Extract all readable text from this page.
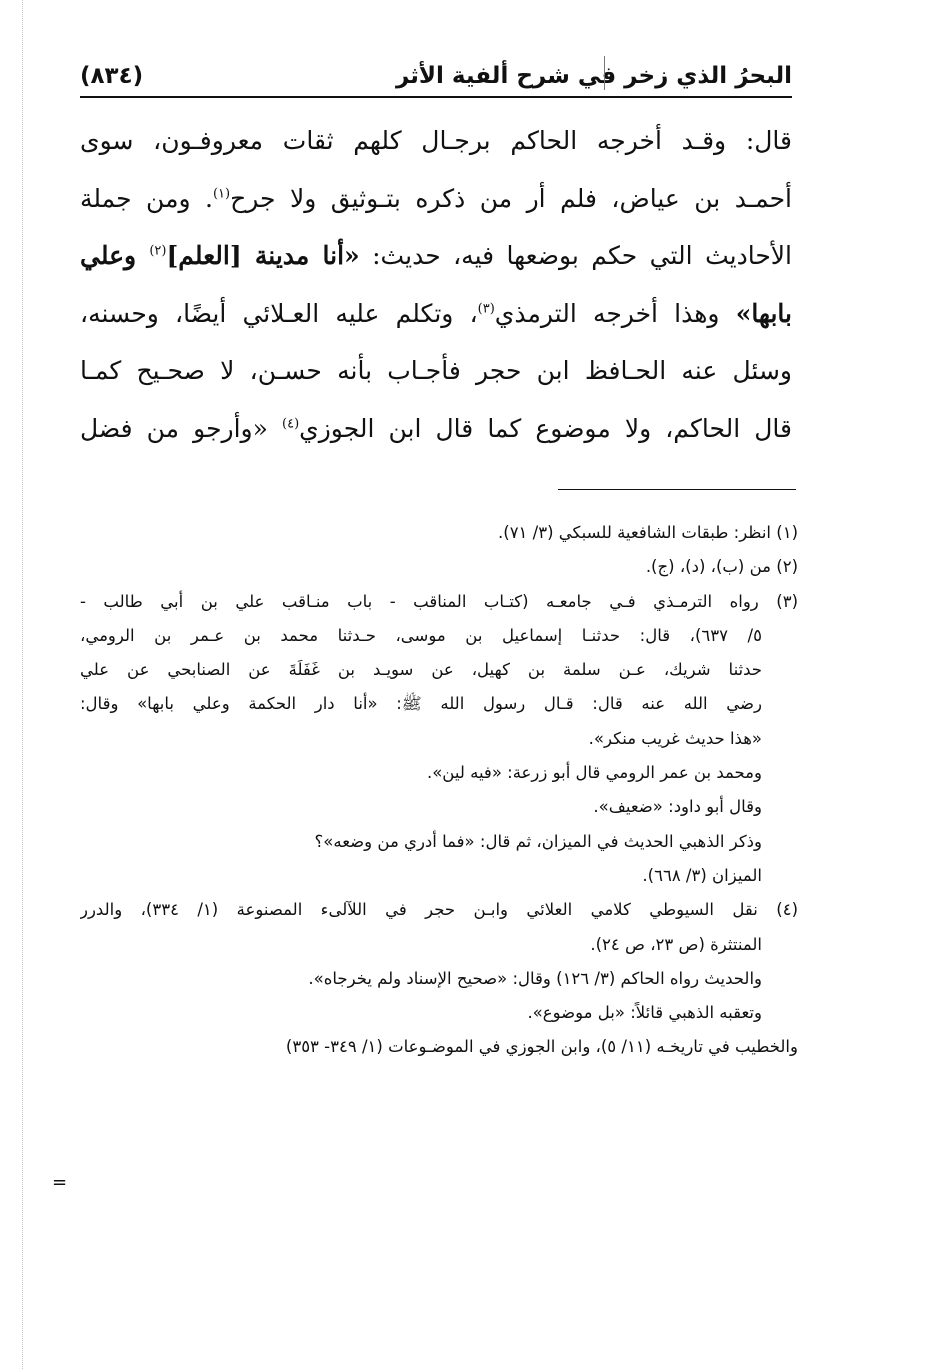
البحرُ الذي زخر في شرح ألفية الأثر
(٨٣٤)
قال: وقـد أخرجه الحاكم برجـال كلهم ثقات معروفـون، سوى
أحمـد بن عياض، فلم أر من ذكره بتـوثيق ولا جرح$^{(١)}$. ومن جملة
الأحاديث التي حكم بوضعها فيه، حديث: «أنا مدينة [العلم]$^{(٢)}$ وعلي
بابها» وهذا أخرجه الترمذي$^{(٣)}$، وتكلم عليه العـلائي أيضًا، وحسنه،
وسئل عنه الحـافظ ابن حجر فأجـاب بأنه حسـن، لا صحـيح كمـا
قال الحاكم، ولا موضوع كما قال ابن الجوزي$^{(٤)}$ «وأرجو من فضل
(١) انظر: طبقات الشافعية للسبكي (٣/ ٧١).
(٢) من (ب)، (د)، (ج).
(٣) رواه الترمـذي فـي جامعـه (كتـاب المناقب - باب منـاقب علي بن أبي طالب -
٥/ ٦٣٧)، قال: حدثنـا إسماعيل بن موسى، حـدثنا محمد بن عـمر بن الرومي،
حدثنا شريك، عـن سلمة بن كهيل، عن سويـد بن غَفَلَةَ عن الصنابحي عن علي
رضي الله عنه قال: قـال رسول الله ﷺ: «أنا دار الحكمة وعلي بابها» وقال:
«هذا حديث غريب منكر».
ومحمد بن عمر الرومي قال أبو زرعة: «فيه لين».
وقال أبو داود: «ضعيف».
وذكر الذهبي الحديث في الميزان، ثم قال: «فما أدري من وضعه»؟
الميزان (٣/ ٦٦٨).
(٤) نقل السيوطي كلامي العلائي وابـن حجر في اللآلىء المصنوعة (١/ ٣٣٤)، والدرر
المنتثرة (ص ٢٣، ص ٢٤).
والحديث رواه الحاكم (٣/ ١٢٦) وقال: «صحيح الإسناد ولم يخرجاه».
وتعقبه الذهبي قائلاً: «بل موضوع».
والخطيب في تاريخـه (١١/ ٥)، وابن الجوزي في الموضـوعات (١/ ٣٤٩- ٣٥٣)
=
